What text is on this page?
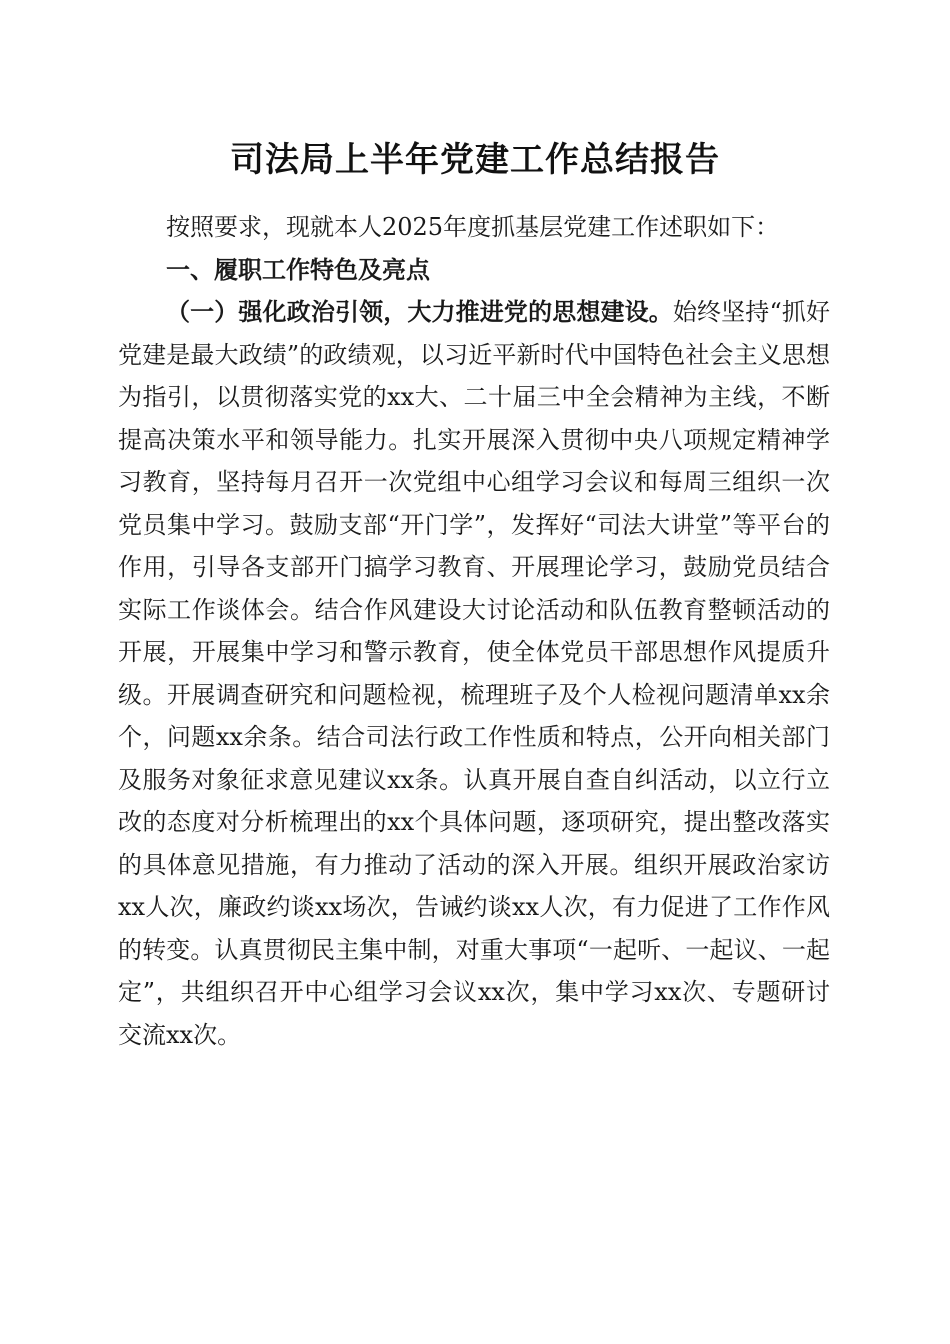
司法局上半年党建工作总结报告

按照要求，现就本人2025年度抓基层党建工作述职如下：

一、履职工作特色及亮点

（一）强化政治引领，大力推进党的思想建设。始终坚持“抓好党建是最大政绩”的政绩观，以习近平新时代中国特色社会主义思想为指引，以贯彻落实党的xx大、二十届三中全会精神为主线，不断提高决策水平和领导能力。扎实开展深入贯彻中央八项规定精神学习教育，坚持每月召开一次党组中心组学习会议和每周三组织一次党员集中学习。鼓励支部“开门学”，发挥好“司法大讲堂”等平台的作用，引导各支部开门搞学习教育、开展理论学习，鼓励党员结合实际工作谈体会。结合作风建设大讨论活动和队伍教育整顿活动的开展，开展集中学习和警示教育，使全体党员干部思想作风提质升级。开展调查研究和问题检视，梳理班子及个人检视问题清单xx余个，问题xx余条。结合司法行政工作性质和特点，公开向相关部门及服务对象征求意见建议xx条。认真开展自查自纠活动，以立行立改的态度对分析梳理出的xx个具体问题，逐项研究，提出整改落实的具体意见措施，有力推动了活动的深入开展。组织开展政治家访xx人次，廉政约谈xx场次，告诫约谈xx人次，有力促进了工作作风的转变。认真贯彻民主集中制，对重大事项“一起听、一起议、一起定”，共组织召开中心组学习会议xx次，集中学习xx次、专题研讨交流xx次。
